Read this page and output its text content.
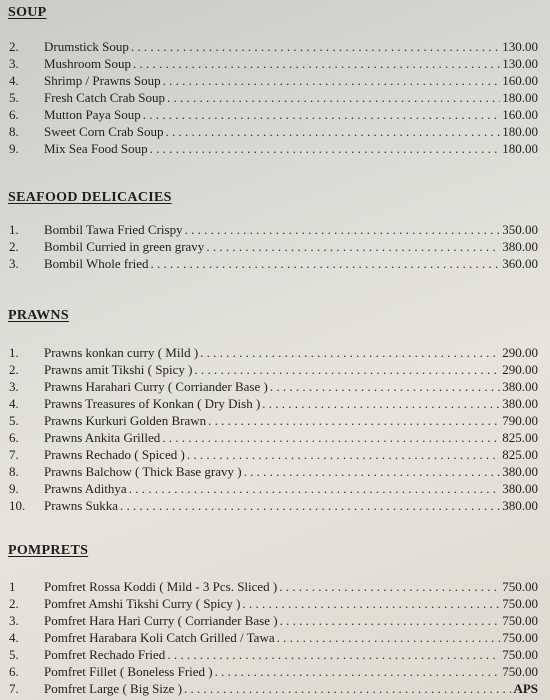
SOUP
2.	Drumstick Soup . . .	130.00
3.	Mushroom Soup . . .	130.00
4.	Shrimp / Prawns Soup . . .	160.00
5.	Fresh Catch Crab Soup . . .	180.00
6.	Mutton Paya Soup . . .	160.00
8.	Sweet Corn Crab Soup . . .	180.00
9.	Mix Sea Food Soup . . .	180.00
SEAFOOD DELICACIES
1.	Bombil Tawa Fried Crispy . . .	350.00
2.	Bombil Curried in green gravy . . .	380.00
3.	Bombil Whole fried . . .	360.00
PRAWNS
1.	Prawns konkan curry ( Mild ) . . .	290.00
2.	Prawns amit Tikshi ( Spicy ) . . .	290.00
3.	Prawns Harahari Curry ( Corriander Base ) . . .	380.00
4.	Prawns Treasures of Konkan ( Dry Dish ) . . .	380.00
5.	Prawns Kurkuri Golden Brawn . . .	790.00
6.	Prawns Ankita Grilled . . .	825.00
7.	Prawns Rechado ( Spiced ) . . .	825.00
8.	Prawns Balchow ( Thick Base gravy ) . . .	380.00
9.	Prawns Adithya . . .	380.00
10.	Prawns Sukka . . .	380.00
POMPRETS
1	Pomfret Rossa Koddi ( Mild - 3 Pcs. Sliced ) . . .	750.00
2.	Pomfret Amshi Tikshi Curry ( Spicy ) . . .	750.00
3.	Pomfret Hara Hari Curry ( Corriander Base ) . . .	750.00
4.	Pomfret Harabara Koli Catch Grilled / Tawa . . .	750.00
5.	Pomfret Rechado Fried . . .	750.00
6.	Pomfret Fillet ( Boneless Fried ) . . .	750.00
7.	Pomfret Large ( Big Size ) . . .	APS
